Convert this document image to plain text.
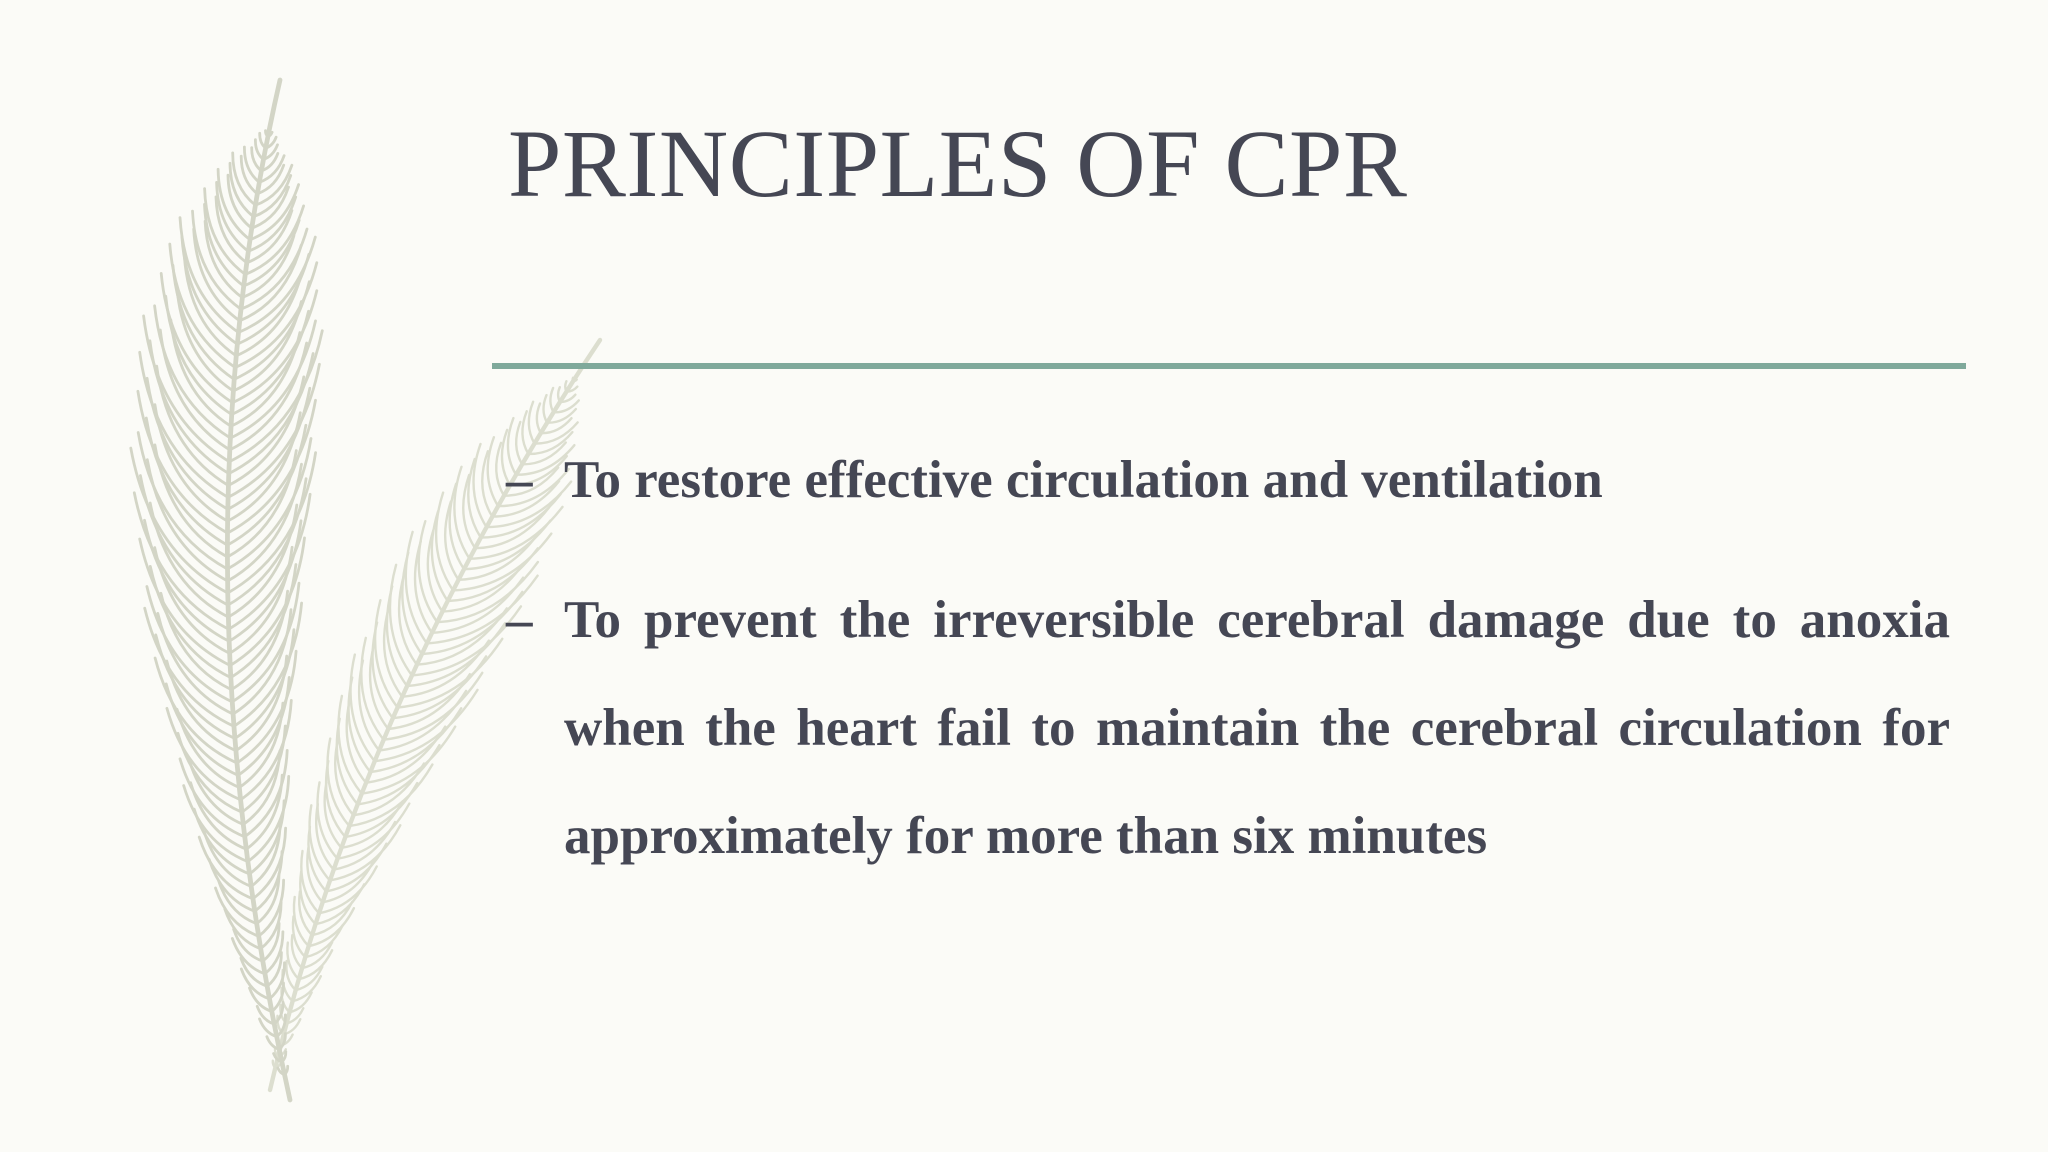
PRINCIPLES OF CPR
– To restore effective circulation and ventilation
– To prevent the irreversible cerebral damage due to anoxia when the heart fail to maintain the cerebral circulation for approximately for more than six minutes
